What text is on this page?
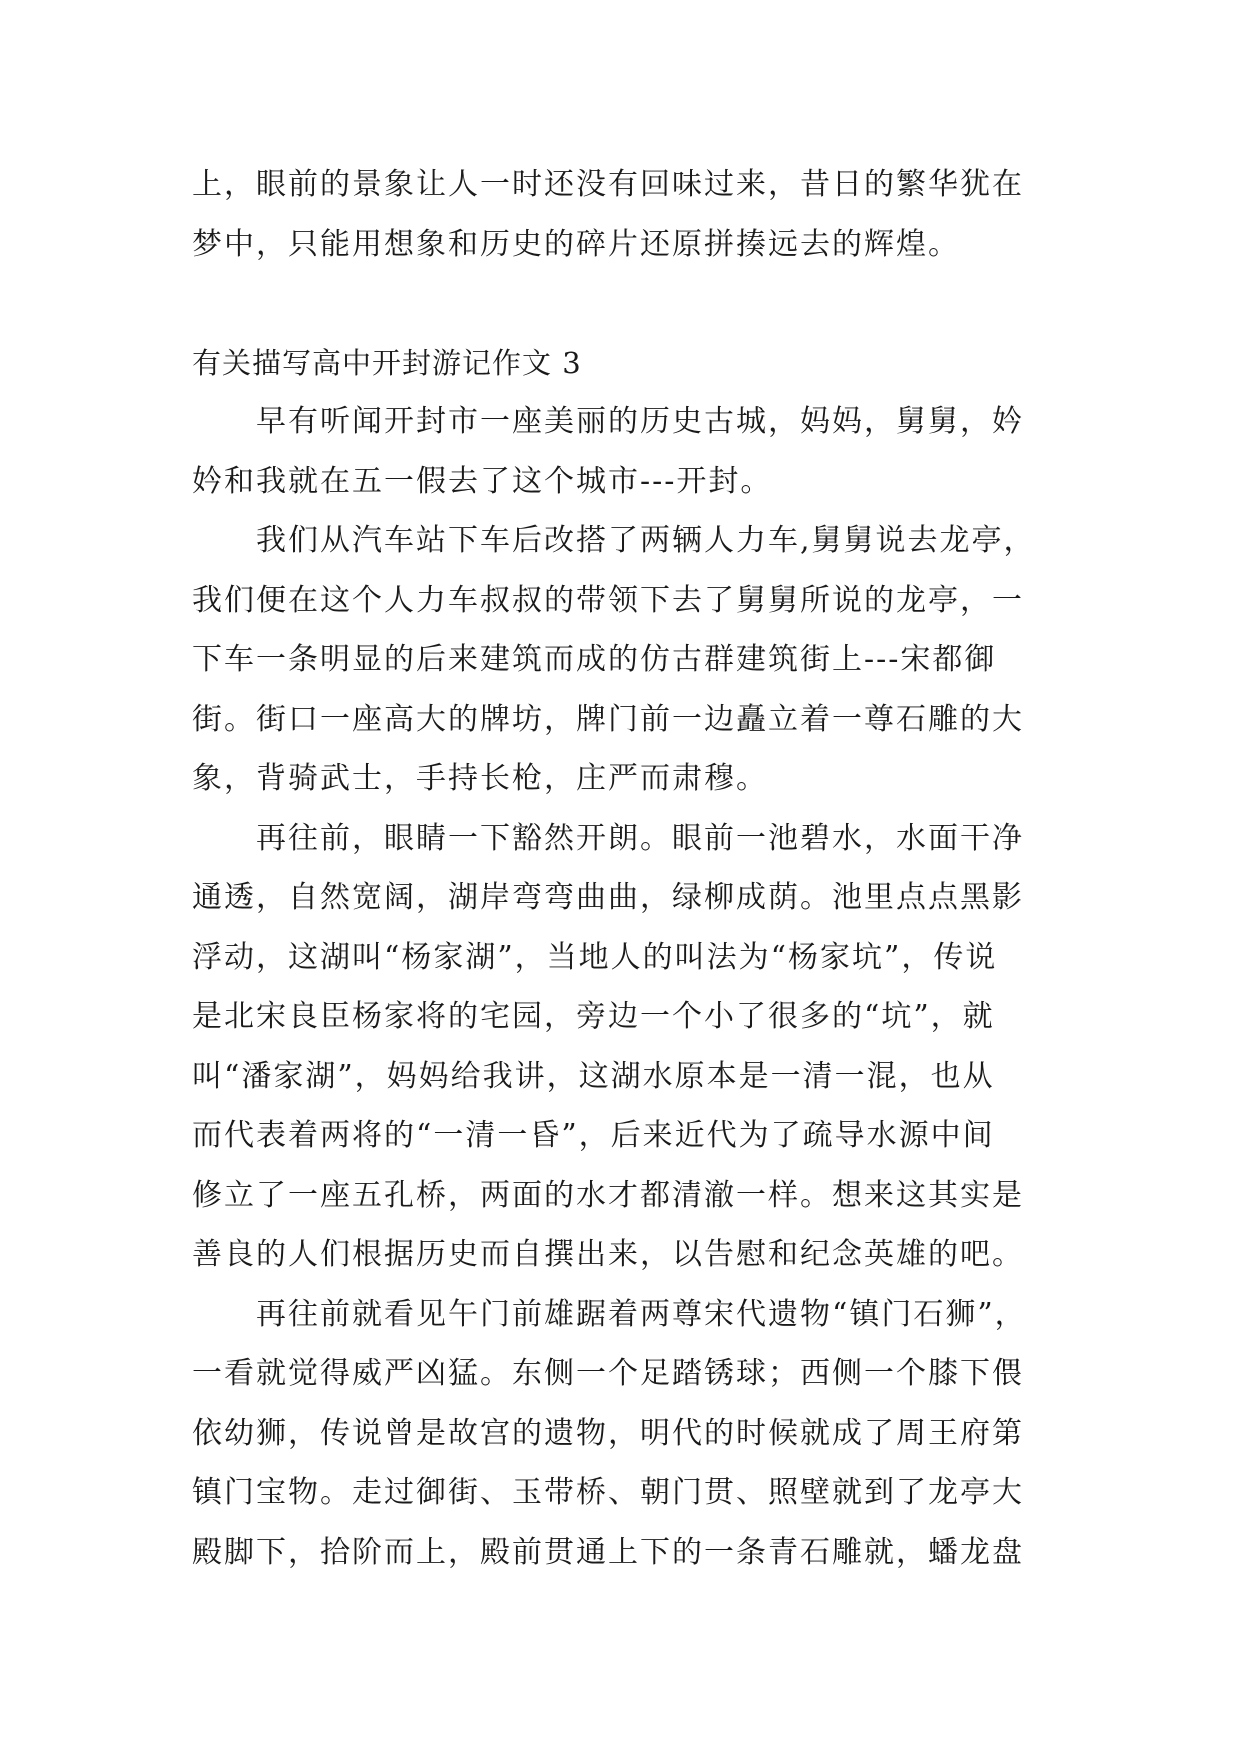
上，眼前的景象让人一时还没有回味过来，昔日的繁华犹在
梦中，只能用想象和历史的碎片还原拼揍远去的辉煌。
有关描写高中开封游记作文 3
早有听闻开封市一座美丽的历史古城，妈妈，舅舅，妗
妗和我就在五一假去了这个城市---开封。
我们从汽车站下车后改搭了两辆人力车,舅舅说去龙亭，
我们便在这个人力车叔叔的带领下去了舅舅所说的龙亭，一
下车一条明显的后来建筑而成的仿古群建筑街上---宋都御
街。街口一座高大的牌坊，牌门前一边矗立着一尊石雕的大
象，背骑武士，手持长枪，庄严而肃穆。
再往前，眼睛一下豁然开朗。眼前一池碧水，水面干净
通透，自然宽阔，湖岸弯弯曲曲，绿柳成荫。池里点点黑影
浮动，这湖叫“杨家湖”，当地人的叫法为“杨家坑”，传说
是北宋良臣杨家将的宅园，旁边一个小了很多的“坑”，就
叫“潘家湖”，妈妈给我讲，这湖水原本是一清一混，也从
而代表着两将的“一清一昏”，后来近代为了疏导水源中间
修立了一座五孔桥，两面的水才都清澈一样。想来这其实是
善良的人们根据历史而自撰出来，以告慰和纪念英雄的吧。
再往前就看见午门前雄踞着两尊宋代遗物“镇门石狮”，
一看就觉得威严凶猛。东侧一个足踏锈球；西侧一个膝下偎
依幼狮，传说曾是故宫的遗物，明代的时候就成了周王府第
镇门宝物。走过御街、玉带桥、朝门贯、照壁就到了龙亭大
殿脚下，拾阶而上，殿前贯通上下的一条青石雕就，蟠龙盘
